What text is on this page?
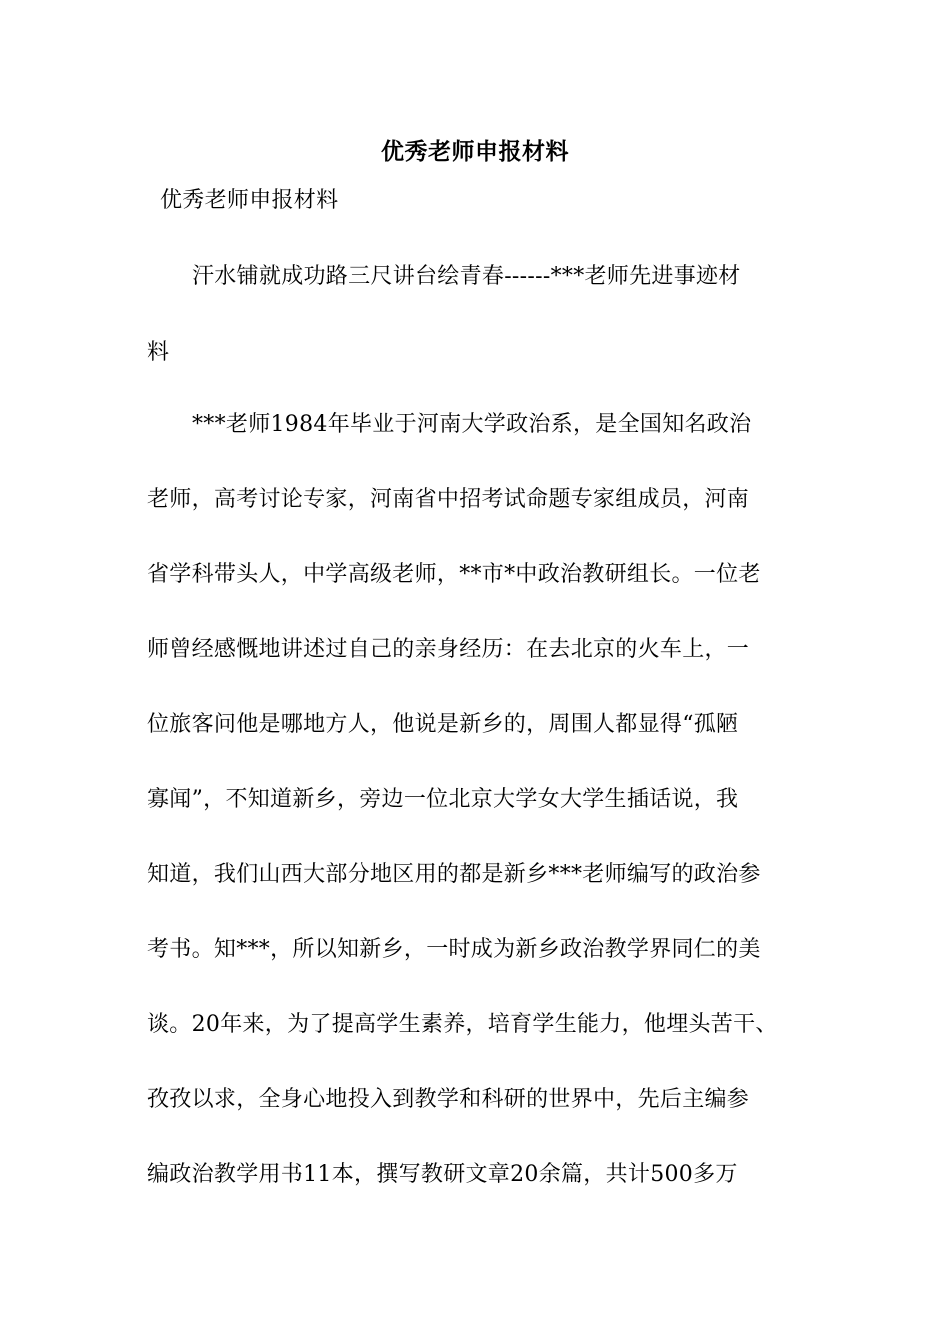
优秀老师申报材料
优秀老师申报材料
汗水铺就成功路三尺讲台绘青春------***老师先进事迹材
料
***老师1984年毕业于河南大学政治系，是全国知名政治
老师，高考讨论专家，河南省中招考试命题专家组成员，河南
省学科带头人，中学高级老师，**市*中政治教研组长。一位老
师曾经感慨地讲述过自己的亲身经历：在去北京的火车上，一
位旅客问他是哪地方人，他说是新乡的，周围人都显得“孤陋
寡闻”，不知道新乡，旁边一位北京大学女大学生插话说，我
知道，我们山西大部分地区用的都是新乡***老师编写的政治参
考书。知***，所以知新乡，一时成为新乡政治教学界同仁的美
谈。20年来，为了提高学生素养，培育学生能力，他埋头苦干、
孜孜以求，全身心地投入到教学和科研的世界中，先后主编参
编政治教学用书11本，撰写教研文章20余篇，共计500多万
